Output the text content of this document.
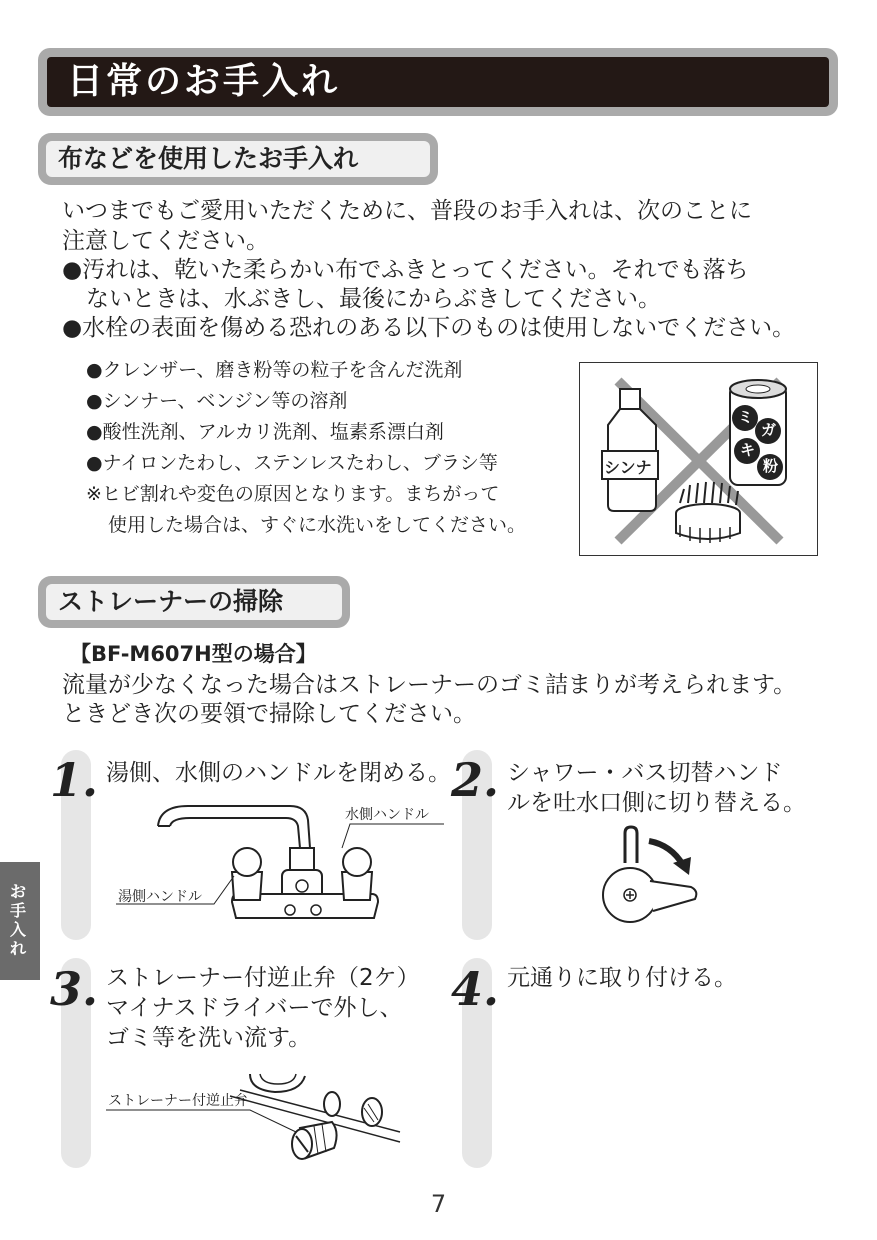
日常のお手入れ
布などを使用したお手入れ
いつまでもご愛用いただくために、普段のお手入れは、次のことに
注意してください。
●汚れは、乾いた柔らかい布でふきとってください。それでも落ち
ないときは、水ぶきし、最後にからぶきしてください。
●水栓の表面を傷める恐れのある以下のものは使用しないでください。
●クレンザー、磨き粉等の粒子を含んだ洗剤
●シンナー、ベンジン等の溶剤
●酸性洗剤、アルカリ洗剤、塩素系漂白剤
●ナイロンたわし、ステンレスたわし、ブラシ等
※ヒビ割れや変色の原因となります。まちがって
使用した場合は、すぐに水洗いをしてください。
シンナ
ミ
ガ
キ
粉
ストレーナーの掃除
【BF-M607H型の場合】
流量が少なくなった場合はストレーナーのゴミ詰まりが考えられます。
ときどき次の要領で掃除してください。
1. 湯側、水側のハンドルを閉める。
水側ハンドル
湯側ハンドル
2. シャワー・バス切替ハンド
ルを吐水口側に切り替える。
3. ストレーナー付逆止弁（2ケ）
マイナスドライバーで外し、
ゴミ等を洗い流す。
ストレーナー付逆止弁
4. 元通りに取り付ける。
お手入れ
7
